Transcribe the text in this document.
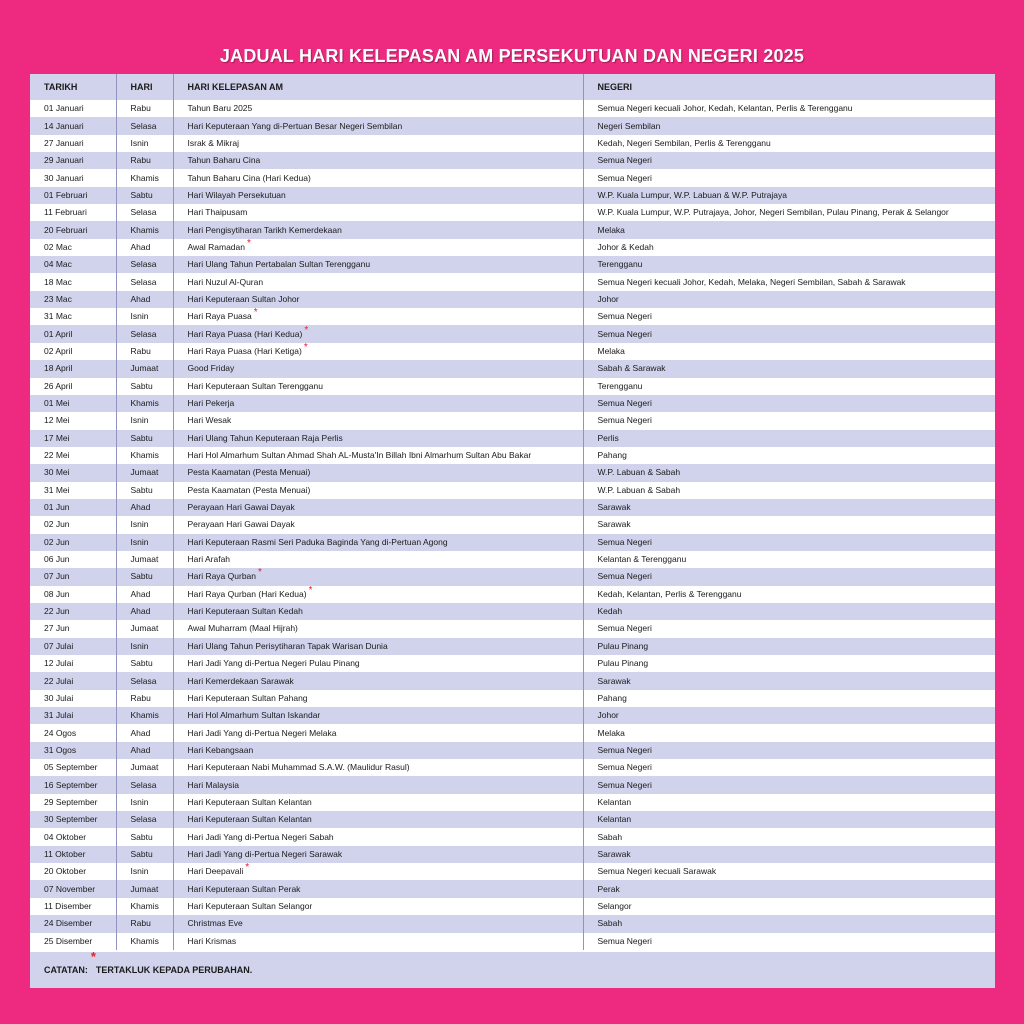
JADUAL HARI KELEPASAN AM PERSEKUTUAN DAN NEGERI 2025
TARIKH	HARI	HARI KELEPASAN AM	NEGERI
01 Januari	Rabu	Tahun Baru 2025	Semua Negeri kecuali Johor, Kedah, Kelantan, Perlis & Terengganu
14 Januari	Selasa	Hari Keputeraan Yang di-Pertuan Besar Negeri Sembilan	Negeri Sembilan
27 Januari	Isnin	Israk & Mikraj	Kedah, Negeri Sembilan, Perlis & Terengganu
29 Januari	Rabu	Tahun Baharu Cina	Semua Negeri
30 Januari	Khamis	Tahun Baharu Cina (Hari Kedua)	Semua Negeri
01 Februari	Sabtu	Hari Wilayah Persekutuan	W.P. Kuala Lumpur, W.P. Labuan & W.P. Putrajaya
11 Februari	Selasa	Hari Thaipusam	W.P. Kuala Lumpur, W.P. Putrajaya, Johor, Negeri Sembilan, Pulau Pinang, Perak & Selangor
20 Februari	Khamis	Hari Pengisytiharan Tarikh Kemerdekaan	Melaka
02 Mac	Ahad	Awal Ramadan *	Johor & Kedah
04 Mac	Selasa	Hari Ulang Tahun Pertabalan Sultan Terengganu	Terengganu
18 Mac	Selasa	Hari Nuzul Al-Quran	Semua Negeri kecuali Johor, Kedah, Melaka, Negeri Sembilan, Sabah & Sarawak
23 Mac	Ahad	Hari Keputeraan Sultan Johor	Johor
31 Mac	Isnin	Hari Raya Puasa *	Semua Negeri
01 April	Selasa	Hari Raya Puasa (Hari Kedua) *	Semua Negeri
02 April	Rabu	Hari Raya Puasa (Hari Ketiga) *	Melaka
18 April	Jumaat	Good Friday	Sabah & Sarawak
26 April	Sabtu	Hari Keputeraan Sultan Terengganu	Terengganu
01 Mei	Khamis	Hari Pekerja	Semua Negeri
12 Mei	Isnin	Hari Wesak	Semua Negeri
17 Mei	Sabtu	Hari Ulang Tahun Keputeraan Raja Perlis	Perlis
22 Mei	Khamis	Hari Hol Almarhum Sultan Ahmad Shah AL-Musta'In Billah Ibni Almarhum Sultan Abu Bakar	Pahang
30 Mei	Jumaat	Pesta Kaamatan (Pesta Menuai)	W.P. Labuan & Sabah
31 Mei	Sabtu	Pesta Kaamatan (Pesta Menuai)	W.P. Labuan & Sabah
01 Jun	Ahad	Perayaan Hari Gawai Dayak	Sarawak
02 Jun	Isnin	Perayaan Hari Gawai Dayak	Sarawak
02 Jun	Isnin	Hari Keputeraan Rasmi Seri Paduka Baginda Yang di-Pertuan Agong	Semua Negeri
06 Jun	Jumaat	Hari Arafah	Kelantan & Terengganu
07 Jun	Sabtu	Hari Raya Qurban *	Semua Negeri
08 Jun	Ahad	Hari Raya Qurban (Hari Kedua) *	Kedah, Kelantan, Perlis & Terengganu
22 Jun	Ahad	Hari Keputeraan Sultan Kedah	Kedah
27 Jun	Jumaat	Awal Muharram (Maal Hijrah)	Semua Negeri
07 Julai	Isnin	Hari Ulang Tahun Perisytiharan Tapak Warisan Dunia	Pulau Pinang
12 Julai	Sabtu	Hari Jadi Yang di-Pertua Negeri Pulau Pinang	Pulau Pinang
22 Julai	Selasa	Hari Kemerdekaan Sarawak	Sarawak
30 Julai	Rabu	Hari Keputeraan Sultan Pahang	Pahang
31 Julai	Khamis	Hari Hol Almarhum Sultan Iskandar	Johor
24 Ogos	Ahad	Hari Jadi Yang di-Pertua Negeri Melaka	Melaka
31 Ogos	Ahad	Hari Kebangsaan	Semua Negeri
05 September	Jumaat	Hari Keputeraan Nabi Muhammad S.A.W. (Maulidur Rasul)	Semua Negeri
16 September	Selasa	Hari Malaysia	Semua Negeri
29 September	Isnin	Hari Keputeraan Sultan Kelantan	Kelantan
30 September	Selasa	Hari Keputeraan Sultan Kelantan	Kelantan
04 Oktober	Sabtu	Hari Jadi Yang di-Pertua Negeri Sabah	Sabah
11 Oktober	Sabtu	Hari Jadi Yang di-Pertua Negeri Sarawak	Sarawak
20 Oktober	Isnin	Hari Deepavali *	Semua Negeri kecuali Sarawak
07 November	Jumaat	Hari Keputeraan Sultan Perak	Perak
11 Disember	Khamis	Hari Keputeraan Sultan Selangor	Selangor
24 Disember	Rabu	Christmas Eve	Sabah
25 Disember	Khamis	Hari Krismas	Semua Negeri
CATATAN:*TERTAKLUK KEPADA PERUBAHAN.
